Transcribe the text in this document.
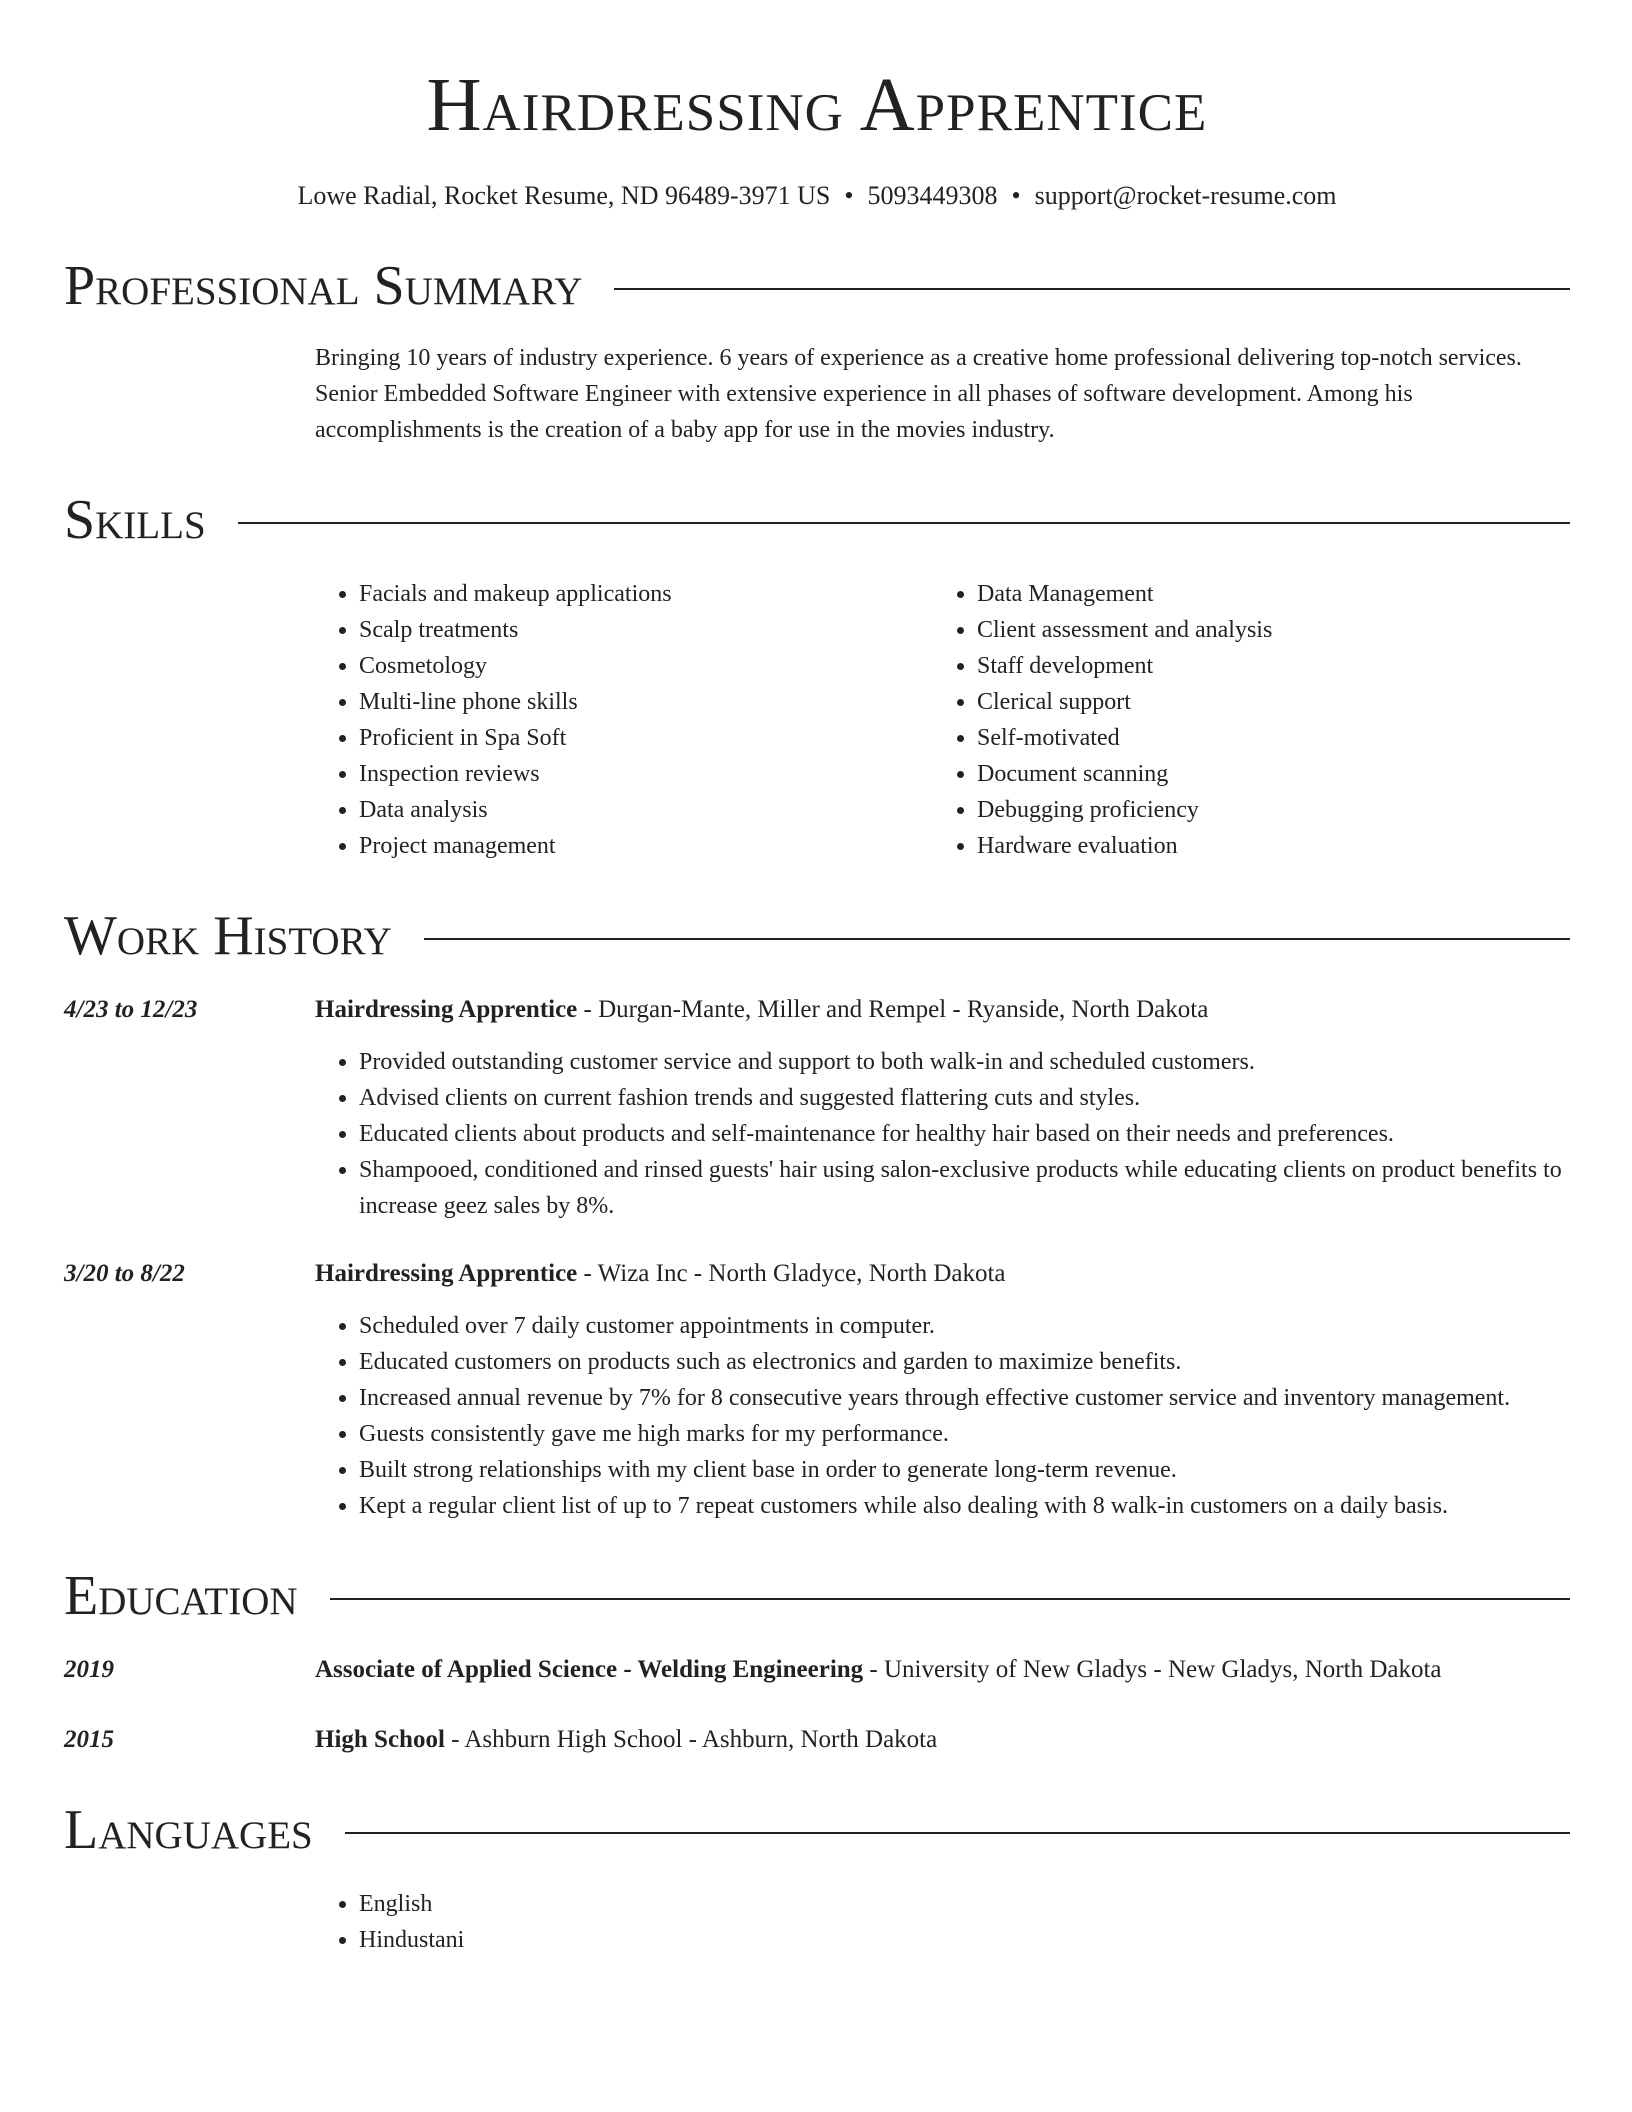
Hairdressing Apprentice
Lowe Radial, Rocket Resume, ND 96489-3971 US • 5093449308 • support@rocket-resume.com
Professional Summary
Bringing 10 years of industry experience. 6 years of experience as a creative home professional delivering top-notch services. Senior Embedded Software Engineer with extensive experience in all phases of software development. Among his accomplishments is the creation of a baby app for use in the movies industry.
Skills
• Facials and makeup applications
• Scalp treatments
• Cosmetology
• Multi-line phone skills
• Proficient in Spa Soft
• Inspection reviews
• Data analysis
• Project management
• Data Management
• Client assessment and analysis
• Staff development
• Clerical support
• Self-motivated
• Document scanning
• Debugging proficiency
• Hardware evaluation
Work History
4/23 to 12/23	Hairdressing Apprentice - Durgan-Mante, Miller and Rempel - Ryanside, North Dakota
• Provided outstanding customer service and support to both walk-in and scheduled customers.
• Advised clients on current fashion trends and suggested flattering cuts and styles.
• Educated clients about products and self-maintenance for healthy hair based on their needs and preferences.
• Shampooed, conditioned and rinsed guests' hair using salon-exclusive products while educating clients on product benefits to increase geez sales by 8%.
3/20 to 8/22	Hairdressing Apprentice - Wiza Inc - North Gladyce, North Dakota
• Scheduled over 7 daily customer appointments in computer.
• Educated customers on products such as electronics and garden to maximize benefits.
• Increased annual revenue by 7% for 8 consecutive years through effective customer service and inventory management.
• Guests consistently gave me high marks for my performance.
• Built strong relationships with my client base in order to generate long-term revenue.
• Kept a regular client list of up to 7 repeat customers while also dealing with 8 walk-in customers on a daily basis.
Education
2019	Associate of Applied Science - Welding Engineering - University of New Gladys - New Gladys, North Dakota
2015	High School - Ashburn High School - Ashburn, North Dakota
Languages
• English
• Hindustani
